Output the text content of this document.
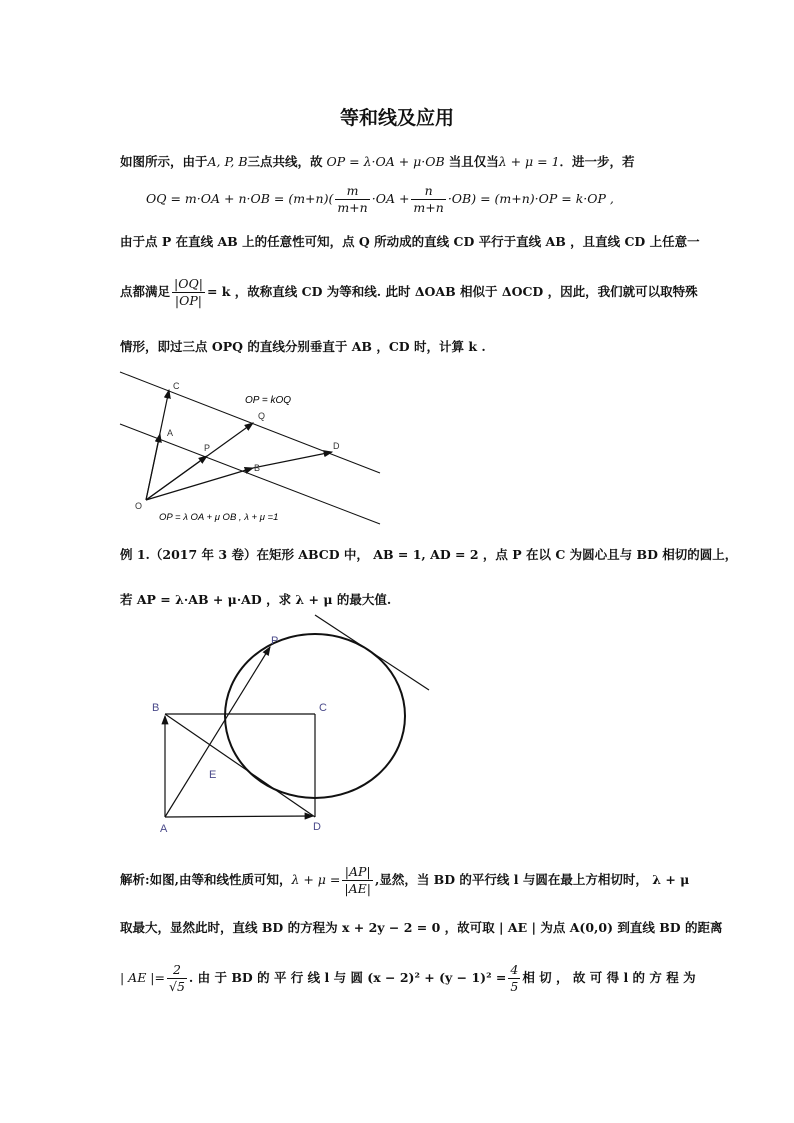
等和线及应用
如图所示，由于A, P, B三点共线，故 OP = λ·OA + μ·OB 当且仅当λ + μ = 1．进一步，若
OQ = $m\cdot OA + n\cdot OB = (m+n)( \frac{m}{m+n} \cdot OA + \frac{n}{m+n} \cdot OB) = (m+n)\cdot OP = k\cdot OP$ ,
由于点 P 在直线 AB 上的任意性可知，点 Q 所动成的直线 CD 平行于直线 AB ，且直线 CD 上任意一
点都满足 $\frac{|OQ|}{|OP|} = k$ ，故称直线 CD 为等和线. 此时 ΔOAB 相似于 ΔOCD ，因此，我们就可以取特殊
情形，即过三点 OPQ 的直线分别垂直于 AB ，CD 时，计算 k .
C
A
Q
P	D
B
O
OP = kOQ
OP = λ OA + μ OB , λ + μ =1
例 1.（2017 年 3 卷）在矩形 ABCD 中， AB = 1, AD = 2 ，点 P 在以 C 为圆心且与 BD 相切的圆上，
若 AP = λ·AB + μ·AD ，求 λ + μ 的最大值.
P
B	C
E
A	D
解析:如图,由等和线性质可知，$\lambda + \mu = \frac{|AP|}{|AE|}$ ,显然，当 BD 的平行线 l 与圆在最上方相切时， λ + μ
取最大，显然此时，直线 BD 的方程为 x + 2y − 2 = 0 ，故可取 | AE | 为点 A(0,0) 到直线 BD 的距离
| AE |= $\frac{2}{√5}$ . 由 于 BD 的 平 行 线 l 与 圆 $(x - 2)^2 + (y - 1)^2 = \frac{4}{5}$ 相 切 ， 故 可 得 l 的 方 程 为
